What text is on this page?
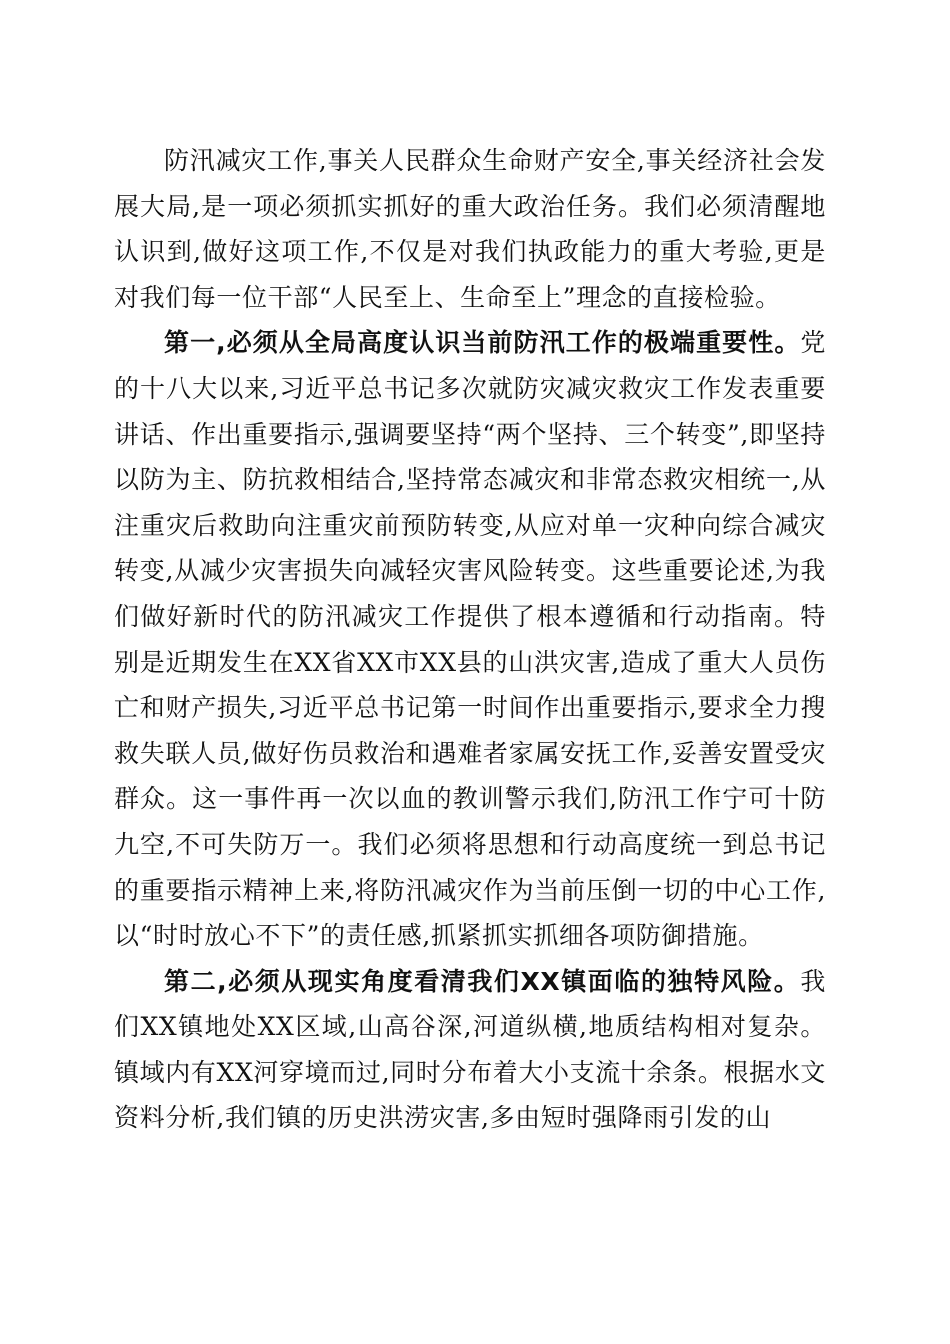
防汛减灾工作,事关人民群众生命财产安全,事关经济社会发展大局,是一项必须抓实抓好的重大政治任务。我们必须清醒地认识到,做好这项工作,不仅是对我们执政能力的重大考验,更是对我们每一位干部“人民至上、生命至上”理念的直接检验。

第一,必须从全局高度认识当前防汛工作的极端重要性。党的十八大以来,习近平总书记多次就防灾减灾救灾工作发表重要讲话、作出重要指示,强调要坚持“两个坚持、三个转变”,即坚持以防为主、防抗救相结合,坚持常态减灾和非常态救灾相统一,从注重灾后救助向注重灾前预防转变,从应对单一灾种向综合减灾转变,从减少灾害损失向减轻灾害风险转变。这些重要论述,为我们做好新时代的防汛减灾工作提供了根本遵循和行动指南。特别是近期发生在XX省XX市XX县的山洪灾害,造成了重大人员伤亡和财产损失,习近平总书记第一时间作出重要指示,要求全力搜救失联人员,做好伤员救治和遇难者家属安抚工作,妥善安置受灾群众。这一事件再一次以血的教训警示我们,防汛工作宁可十防九空,不可失防万一。我们必须将思想和行动高度统一到总书记的重要指示精神上来,将防汛减灾作为当前压倒一切的中心工作,以“时时放心不下”的责任感,抓紧抓实抓细各项防御措施。

第二,必须从现实角度看清我们XX镇面临的独特风险。我们XX镇地处XX区域,山高谷深,河道纵横,地质结构相对复杂。镇域内有XX河穿境而过,同时分布着大小支流十余条。根据水文资料分析,我们镇的历史洪涝灾害,多由短时强降雨引发的山
